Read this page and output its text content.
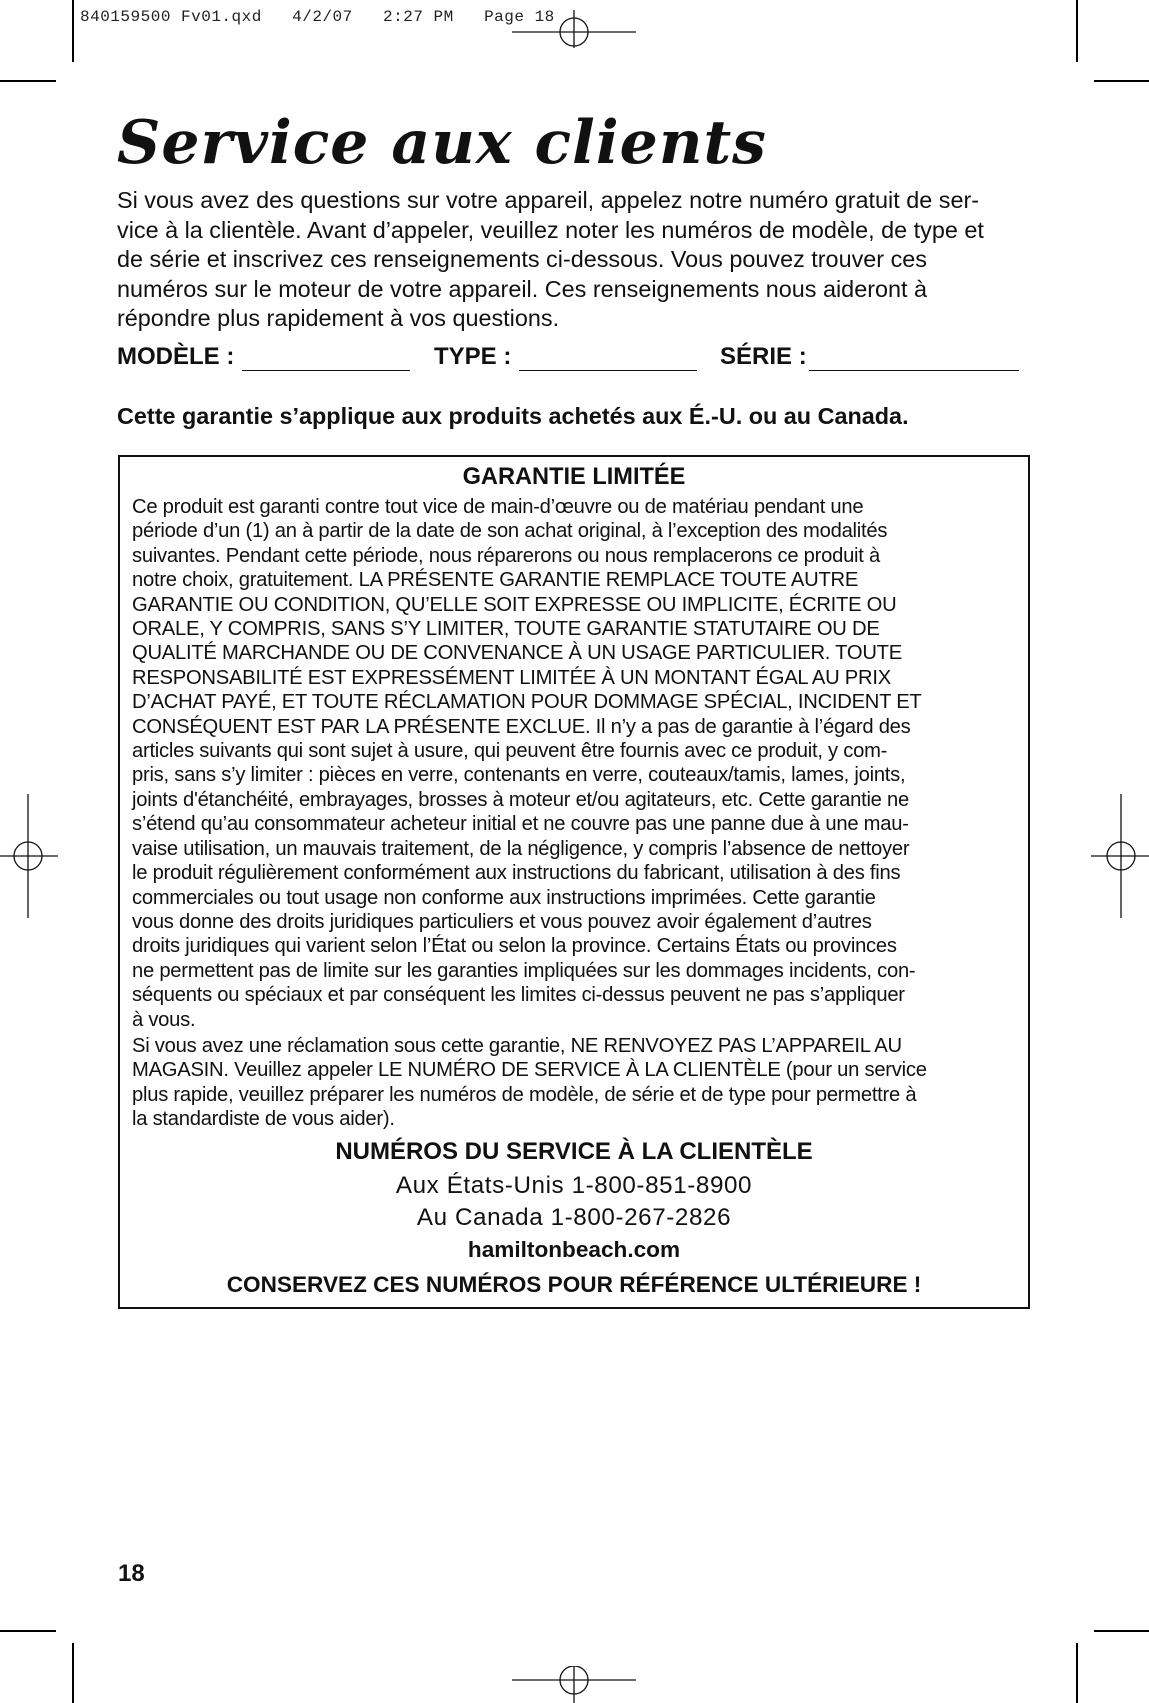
840159500 Fv01.qxd   4/2/07   2:27 PM   Page 18
Service aux clients

Si vous avez des questions sur votre appareil, appelez notre numéro gratuit de ser-
vice à la clientèle. Avant d’appeler, veuillez noter les numéros de modèle, de type et
de série et inscrivez ces renseignements ci-dessous. Vous pouvez trouver ces
numéros sur le moteur de votre appareil. Ces renseignements nous aideront à
répondre plus rapidement à vos questions.

MODÈLE :	TYPE :	SÉRIE :

Cette garantie s’applique aux produits achetés aux É.-U. ou au Canada.

GARANTIE LIMITÉE

Ce produit est garanti contre tout vice de main-d’œuvre ou de matériau pendant une
période d’un (1) an à partir de la date de son achat original, à l’exception des modalités
suivantes. Pendant cette période, nous réparerons ou nous remplacerons ce produit à
notre choix, gratuitement. LA PRÉSENTE GARANTIE REMPLACE TOUTE AUTRE
GARANTIE OU CONDITION, QU’ELLE SOIT EXPRESSE OU IMPLICITE, ÉCRITE OU
ORALE, Y COMPRIS, SANS S’Y LIMITER, TOUTE GARANTIE STATUTAIRE OU DE
QUALITÉ MARCHANDE OU DE CONVENANCE À UN USAGE PARTICULIER. TOUTE
RESPONSABILITÉ EST EXPRESSÉMENT LIMITÉE À UN MONTANT ÉGAL AU PRIX
D’ACHAT PAYÉ, ET TOUTE RÉCLAMATION POUR DOMMAGE SPÉCIAL, INCIDENT ET
CONSÉQUENT EST PAR LA PRÉSENTE EXCLUE. Il n’y a pas de garantie à l’égard des
articles suivants qui sont sujet à usure, qui peuvent être fournis avec ce produit, y com-
pris, sans s’y limiter : pièces en verre, contenants en verre, couteaux/tamis, lames, joints,
joints d'étanchéité, embrayages, brosses à moteur et/ou agitateurs, etc. Cette garantie ne
s’étend qu’au consommateur acheteur initial et ne couvre pas une panne due à une mau-
vaise utilisation, un mauvais traitement, de la négligence, y compris l’absence de nettoyer
le produit régulièrement conformément aux instructions du fabricant, utilisation à des fins
commerciales ou tout usage non conforme aux instructions imprimées. Cette garantie
vous donne des droits juridiques particuliers et vous pouvez avoir également d’autres
droits juridiques qui varient selon l’État ou selon la province. Certains États ou provinces
ne permettent pas de limite sur les garanties impliquées sur les dommages incidents, con-
séquents ou spéciaux et par conséquent les limites ci-dessus peuvent ne pas s’appliquer
à vous.

Si vous avez une réclamation sous cette garantie, NE RENVOYEZ PAS L’APPAREIL AU
MAGASIN. Veuillez appeler LE NUMÉRO DE SERVICE À LA CLIENTÈLE (pour un service
plus rapide, veuillez préparer les numéros de modèle, de série et de type pour permettre à
la standardiste de vous aider).

NUMÉROS DU SERVICE À LA CLIENTÈLE

Aux États-Unis 1-800-851-8900

Au Canada 1-800-267-2826

hamiltonbeach.com

CONSERVEZ CES NUMÉROS POUR RÉFÉRENCE ULTÉRIEURE !

18
